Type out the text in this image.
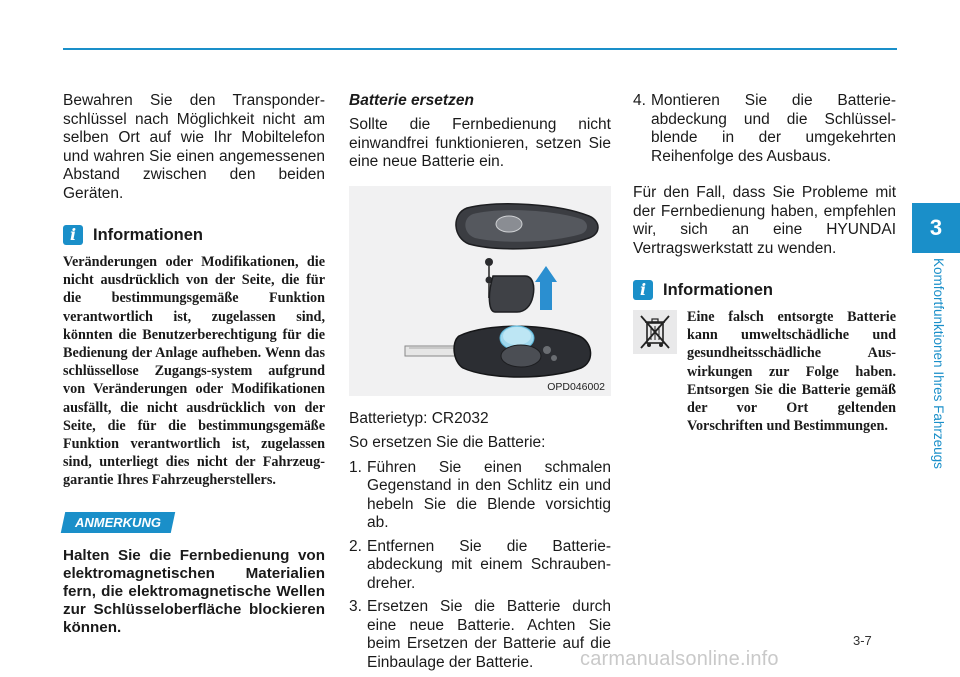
Bewahren Sie den Transponder-schlüssel nach Möglichkeit nicht am selben Ort auf wie Ihr Mobiltelefon und wahren Sie einen angemessenen Abstand zwischen den beiden Geräten.

i	Informationen

Veränderungen oder Modifikationen, die nicht ausdrücklich von der Seite, die für die bestimmungsgemäße Funktion verantwortlich ist, zugelassen sind, könnten die Benutzerberechtigung für die Bedienung der Anlage aufheben. Wenn das schlüssellose Zugangs-system aufgrund von Veränderungen oder Modifikationen ausfällt, die nicht ausdrücklich von der Seite, die für die bestimmungsgemäße Funktion verantwortlich ist, zugelassen sind, unterliegt dies nicht der Fahrzeug-garantie Ihres Fahrzeugherstellers.

ANMERKUNG

Halten Sie die Fernbedienung von elektromagnetischen Materialien fern, die elektromagnetische Wellen zur Schlüsseloberfläche blockieren können.

Batterie ersetzen

Sollte die Fernbedienung nicht einwandfrei funktionieren, setzen Sie eine neue Batterie ein.

OPD046002

Batterietyp: CR2032

So ersetzen Sie die Batterie:

1. Führen Sie einen schmalen Gegenstand in den Schlitz ein und hebeln Sie die Blende vorsichtig ab.
2. Entfernen Sie die Batterie-abdeckung mit einem Schrauben-dreher.
3. Ersetzen Sie die Batterie durch eine neue Batterie. Achten Sie beim Ersetzen der Batterie auf die Einbaulage der Batterie.
4. Montieren Sie die Batterie-abdeckung und die Schlüssel-blende in der umgekehrten Reihenfolge des Ausbaus.

Für den Fall, dass Sie Probleme mit der Fernbedienung haben, empfehlen wir, sich an eine HYUNDAI Vertragswerkstatt zu wenden.

i	Informationen

Eine falsch entsorgte Batterie kann umweltschädliche und gesundheitsschädliche Aus-wirkungen zur Folge haben. Entsorgen Sie die Batterie gemäß der vor Ort geltenden Vorschriften und Bestimmungen.

3
Komfortfunktionen Ihres Fahrzeugs
3-7
carmanualsonline.info
